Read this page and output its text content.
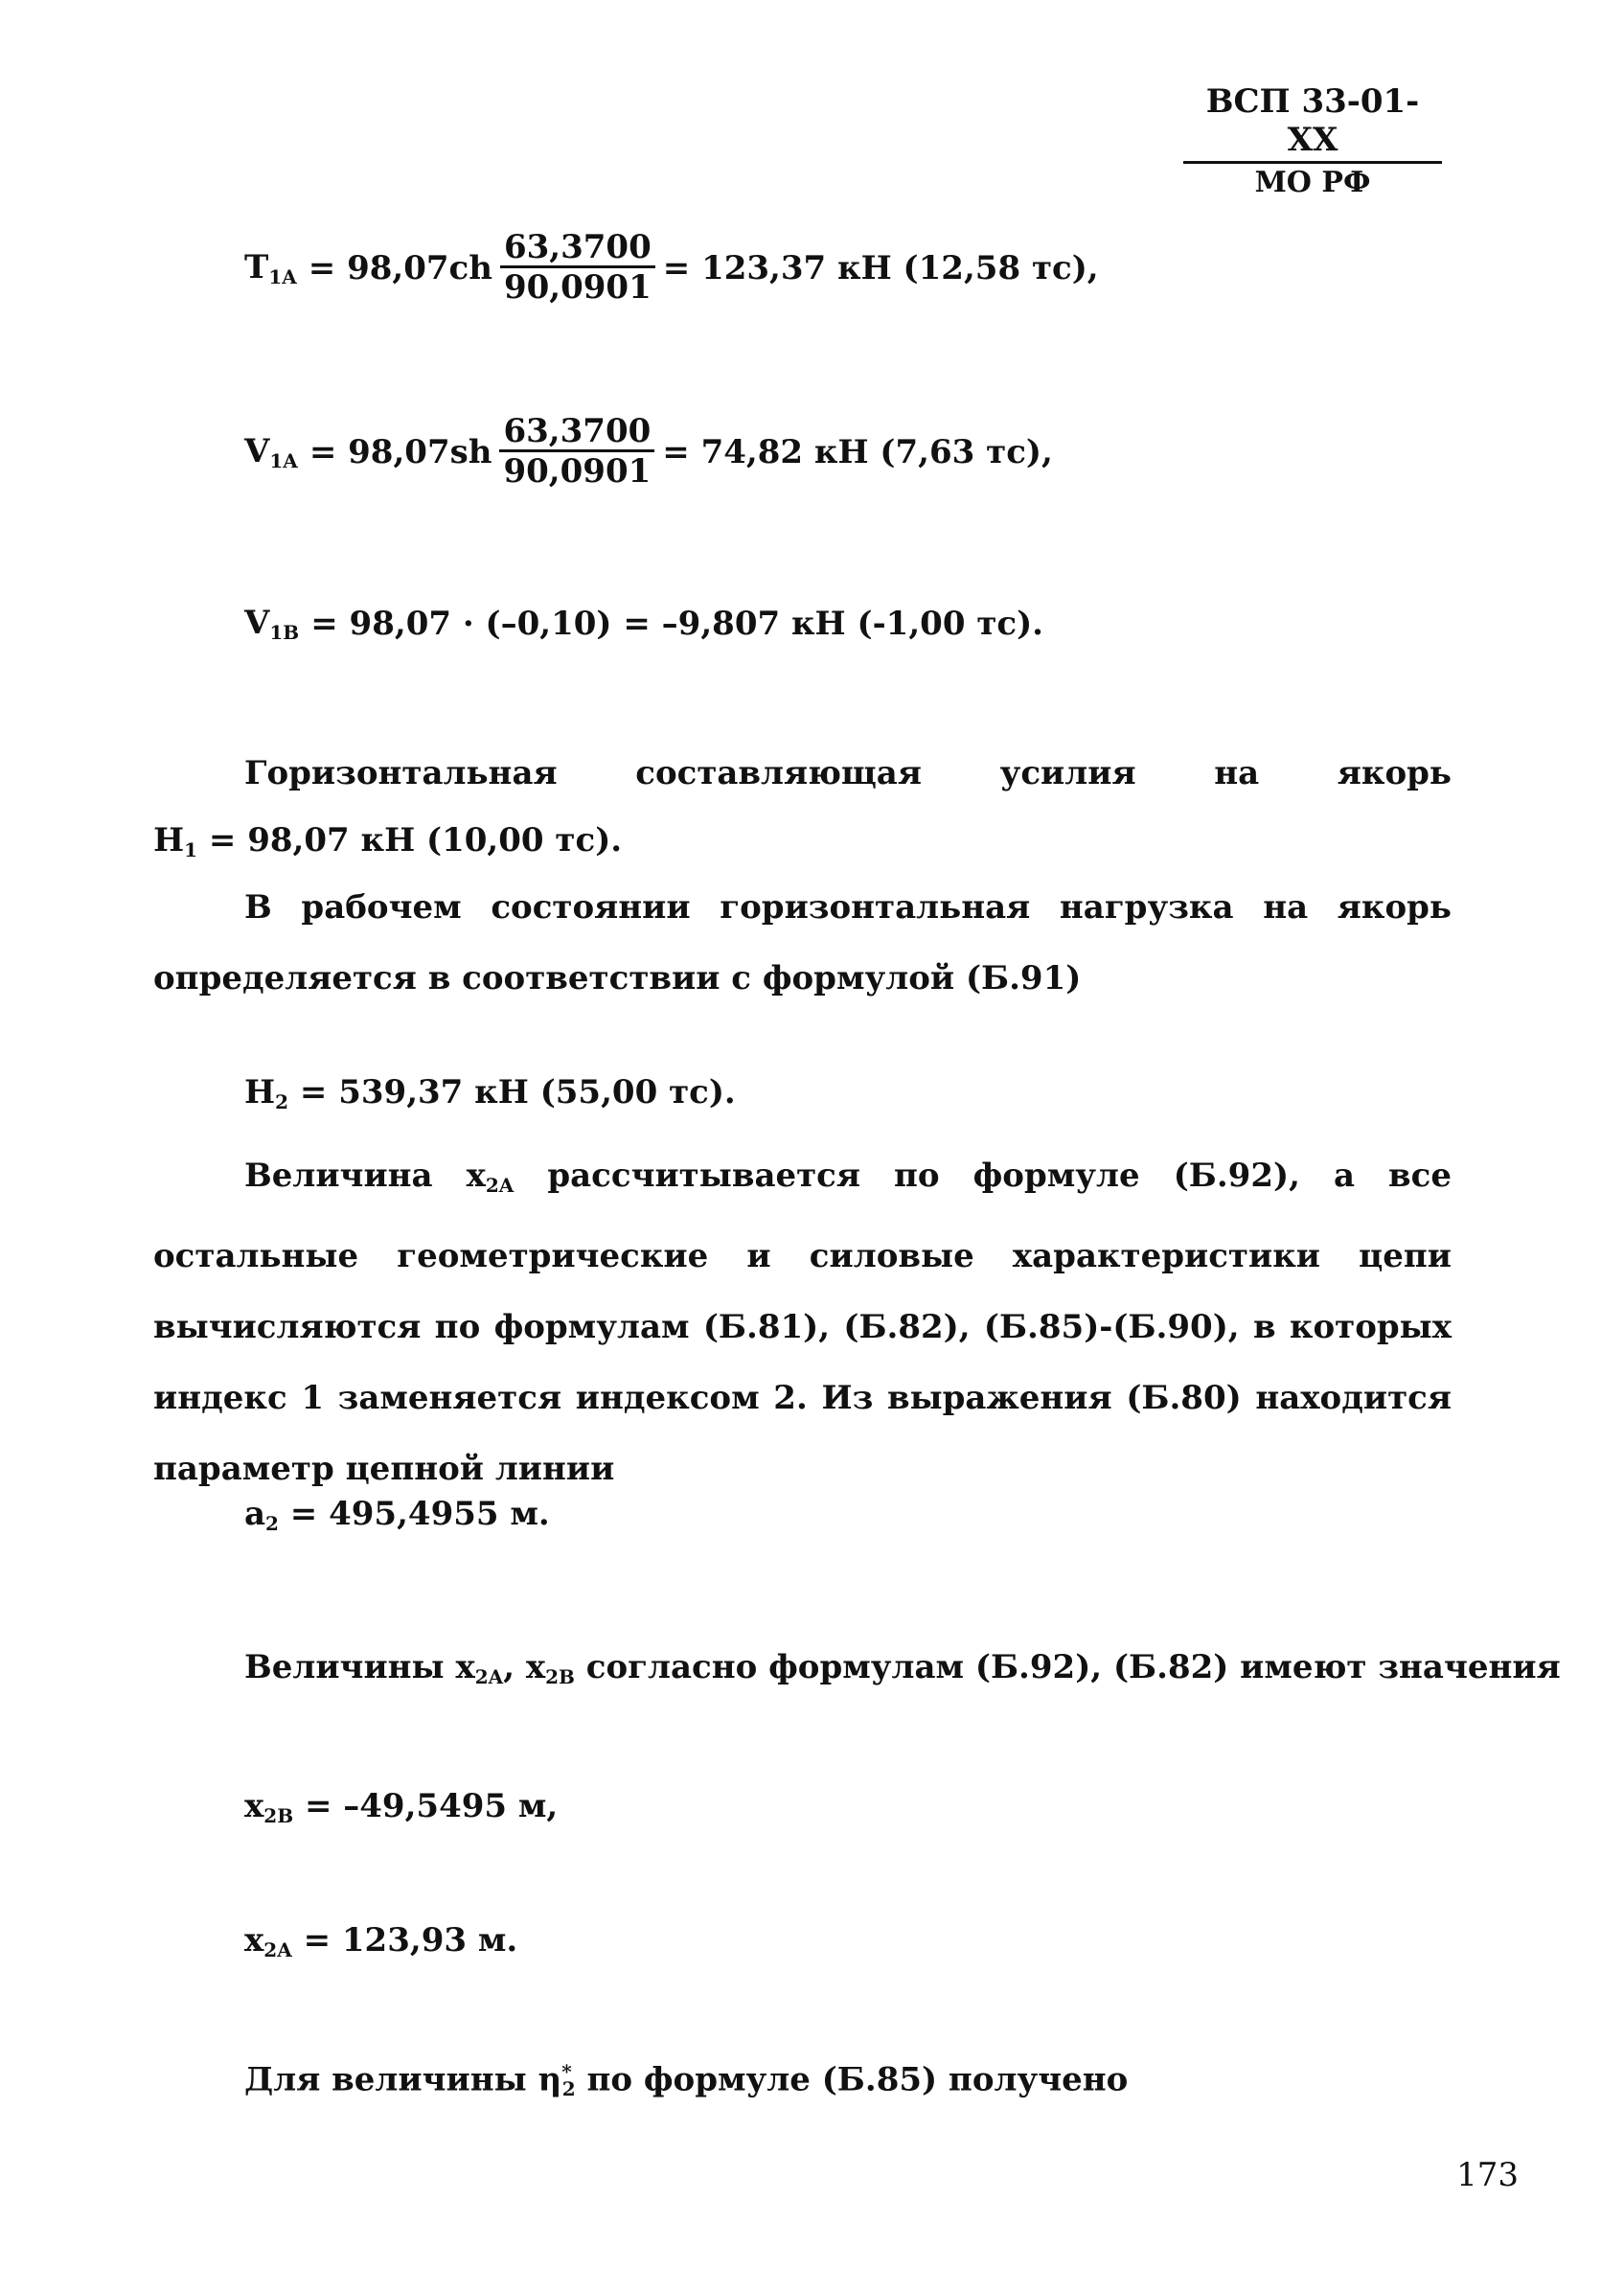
ВСП 33-01-XX
МО РФ
$T_{1A} = 98,07ch \frac{63,3700}{90,0901} = 123,37$ кН (12,58 тс),
$V_{1A} = 98,07sh \frac{63,3700}{90,0901} = 74,82$ кН (7,63 тс),
$V_{1B} = 98,07 \cdot (-0,10) = -9,807$ кН (-1,00 тс).
Горизонтальная составляющая усилия на якорь
$H_1 = 98,07$ кН (10,00 тс).
В рабочем состоянии горизонтальная нагрузка на якорь определяется в соответствии с формулой (Б.91)
$H_2 = 539,37$ кН (55,00 тс).
Величина $x_{2A}$ рассчитывается по формуле (Б.92), а все остальные геометрические и силовые характеристики цепи вычисляются по формулам (Б.81), (Б.82), (Б.85)-(Б.90), в которых индекс 1 заменяется индексом 2. Из выражения (Б.80) находится параметр цепной линии
$a_2 = 495,4955$ м.
Величины $x_{2A}$, $x_{2B}$ согласно формулам (Б.92), (Б.82) имеют значения
$x_{2B} = -49,5495$ м,
$x_{2A} = 123,93$ м.
Для величины $\eta^*_2$ по формуле (Б.85) получено
173
